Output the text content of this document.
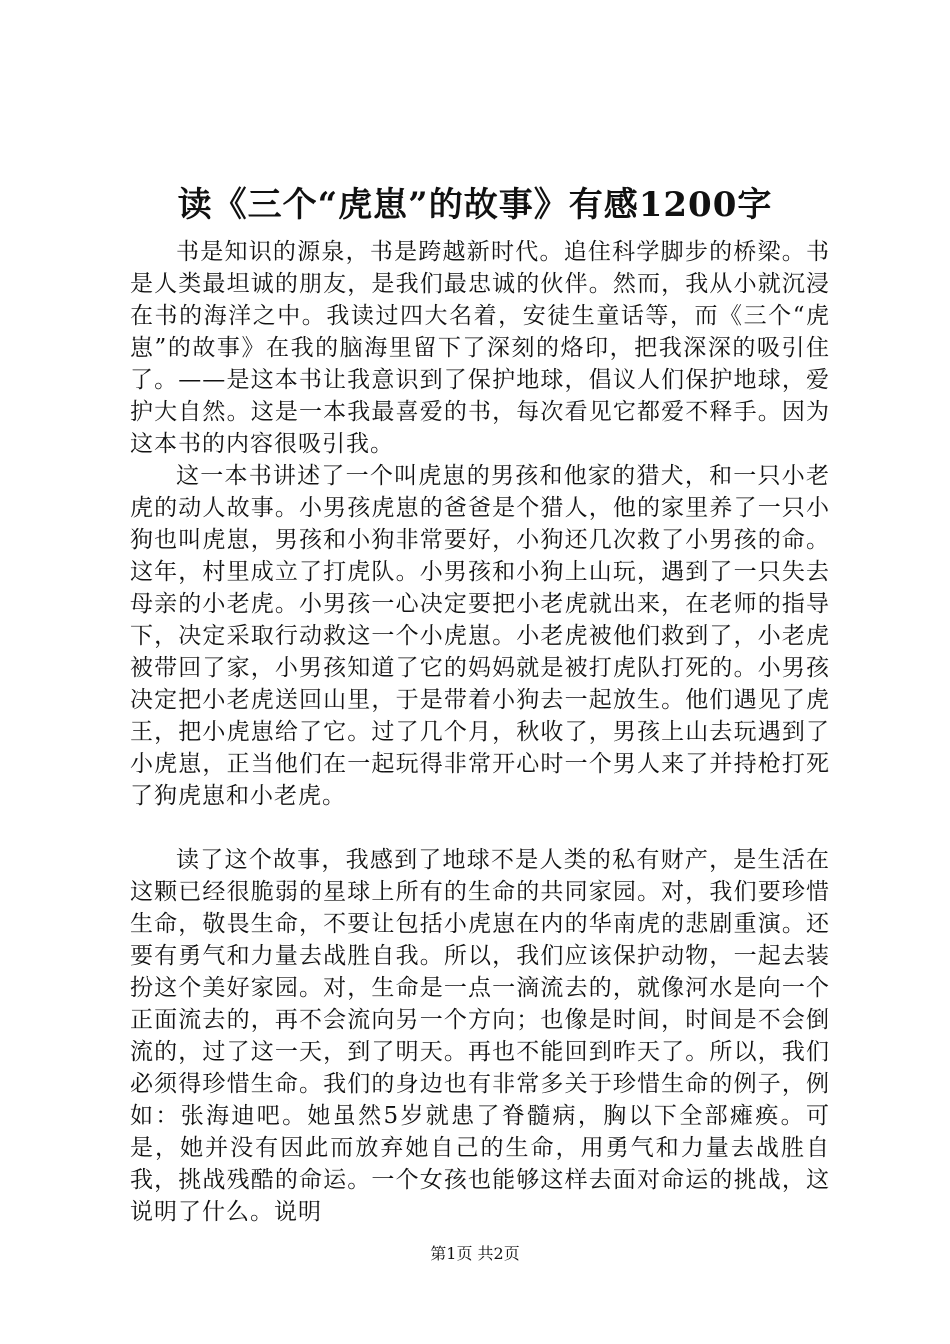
读《三个“虎崽”的故事》有感1200字

书是知识的源泉，书是跨越新时代。追住科学脚步的桥梁。书是人类最坦诚的朋友，是我们最忠诚的伙伴。然而，我从小就沉浸在书的海洋之中。我读过四大名着，安徒生童话等，而《三个“虎崽”的故事》在我的脑海里留下了深刻的烙印，把我深深的吸引住了。——是这本书让我意识到了保护地球，倡议人们保护地球，爱护大自然。这是一本我最喜爱的书，每次看见它都爱不释手。因为这本书的内容很吸引我。

这一本书讲述了一个叫虎崽的男孩和他家的猎犬，和一只小老虎的动人故事。小男孩虎崽的爸爸是个猎人，他的家里养了一只小狗也叫虎崽，男孩和小狗非常要好，小狗还几次救了小男孩的命。这年，村里成立了打虎队。小男孩和小狗上山玩，遇到了一只失去母亲的小老虎。小男孩一心决定要把小老虎就出来，在老师的指导下，决定采取行动救这一个小虎崽。小老虎被他们救到了，小老虎被带回了家，小男孩知道了它的妈妈就是被打虎队打死的。小男孩决定把小老虎送回山里，于是带着小狗去一起放生。他们遇见了虎王，把小虎崽给了它。过了几个月，秋收了，男孩上山去玩遇到了小虎崽，正当他们在一起玩得非常开心时一个男人来了并持枪打死了狗虎崽和小老虎。

读了这个故事，我感到了地球不是人类的私有财产，是生活在这颗已经很脆弱的星球上所有的生命的共同家园。对，我们要珍惜生命，敬畏生命，不要让包括小虎崽在内的华南虎的悲剧重演。还要有勇气和力量去战胜自我。所以，我们应该保护动物，一起去装扮这个美好家园。对，生命是一点一滴流去的，就像河水是向一个正面流去的，再不会流向另一个方向；也像是时间，时间是不会倒流的，过了这一天，到了明天。再也不能回到昨天了。所以，我们必须得珍惜生命。我们的身边也有非常多关于珍惜生命的例子，例如：张海迪吧。她虽然5岁就患了脊髓病，胸以下全部瘫痪。可是，她并没有因此而放弃她自己的生命，用勇气和力量去战胜自我，挑战残酷的命运。一个女孩也能够这样去面对命运的挑战，这说明了什么。说明

第1页 共2页
